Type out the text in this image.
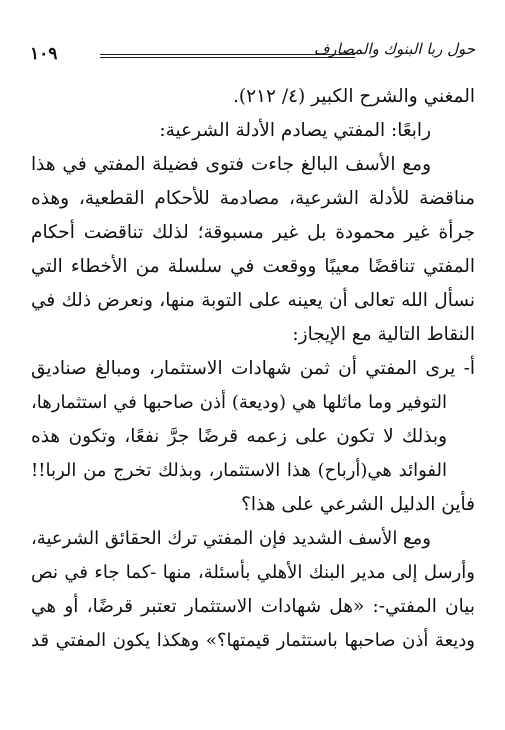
١٠٩	حول ربا البنوك والمصارف
المغني والشرح الكبير (٤/ ٢١٢).
رابعًا: المفتي يصادم الأدلة الشرعية:
ومع الأسف البالغ جاءت فتوى فضيلة المفتي في هذا
مناقضة للأدلة الشرعية، مصادمة للأحكام القطعية، وهذه
جرأة غير محمودة بل غير مسبوقة؛ لذلك تناقضت أحكام
المفتي تناقضًا معيبًا ووقعت في سلسلة من الأخطاء التي
نسأل الله تعالى أن يعينه على التوبة منها، ونعرض ذلك في
النقاط التالية مع الإيجاز:
أ- يرى المفتي أن ثمن شهادات الاستثمار، ومبالغ صناديق
التوفير وما ماثلها هي (وديعة) أذن صاحبها في استثمارها،
وبذلك لا تكون على زعمه قرضًا جرَّ نفعًا، وتكون هذه
الفوائد هي(أرباح) هذا الاستثمار، وبذلك تخرج من الربا!!
فأين الدليل الشرعي على هذا؟
ومع الأسف الشديد فإن المفتي ترك الحقائق الشرعية،
وأرسل إلى مدير البنك الأهلي بأسئلة، منها -كما جاء في نص
بيان المفتي-: «هل شهادات الاستثمار تعتبر قرضًا، أو هي
وديعة أذن صاحبها باستثمار قيمتها؟» وهكذا يكون المفتي قد
